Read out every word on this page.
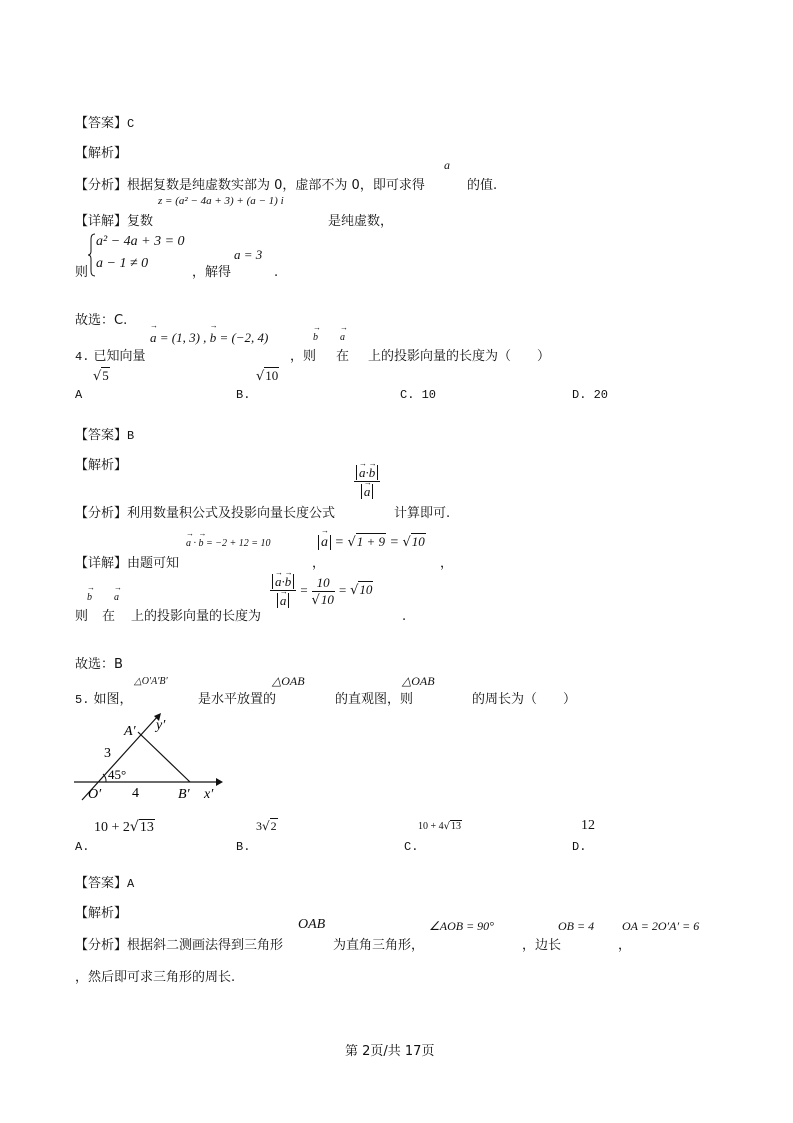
【答案】C
【解析】
a
【分析】根据复数是纯虚数实部为 0，虚部不为 0，即可求得	的值.
z = (a² − 4a + 3) + (a − 1) i
【详解】复数	是纯虚数，
a² − 4a + 3 = 0
a − 1 ≠ 0
则
a = 3
，解得	.
故选：C.
→ a = (1, 3) , → b = (−2, 4)	→ b → a
4. 已知向量	，则 在 上的投影向量的长度为（　　）
√5
A
√10
B.	C. 10	D. 20
【答案】B
【解析】
【分析】利用数量积公式及投影向量长度公式
→ a·→ b
→ a
计算即可.
→ a · → b = −2 + 12 = 10	→ a = √1 + 9 = √10
【详解】由题可知	，	，
→ b → a
则 在 上的投影向量的长度为
→ a·→ b
→ $a = \frac{10}{√10} = √10$
.
故选：B
△O′A′B′	△OAB	△OAB
5. 如图，	是水平放置的	的直观图，则	的周长为（　　）
A′ y′
3
45°
O′ 4	B′ x′
10 + 2√13
A.
3√2
B.
10 + 4√13
C.
12
D.
【答案】A
【解析】
OAB	∠AOB = 90°	OB = 4 OA = 2O′A′ = 6
【分析】根据斜二测画法得到三角形	为直角三角形，	，边长	，
，然后即可求三角形的周长.
第 2页/共 17页
